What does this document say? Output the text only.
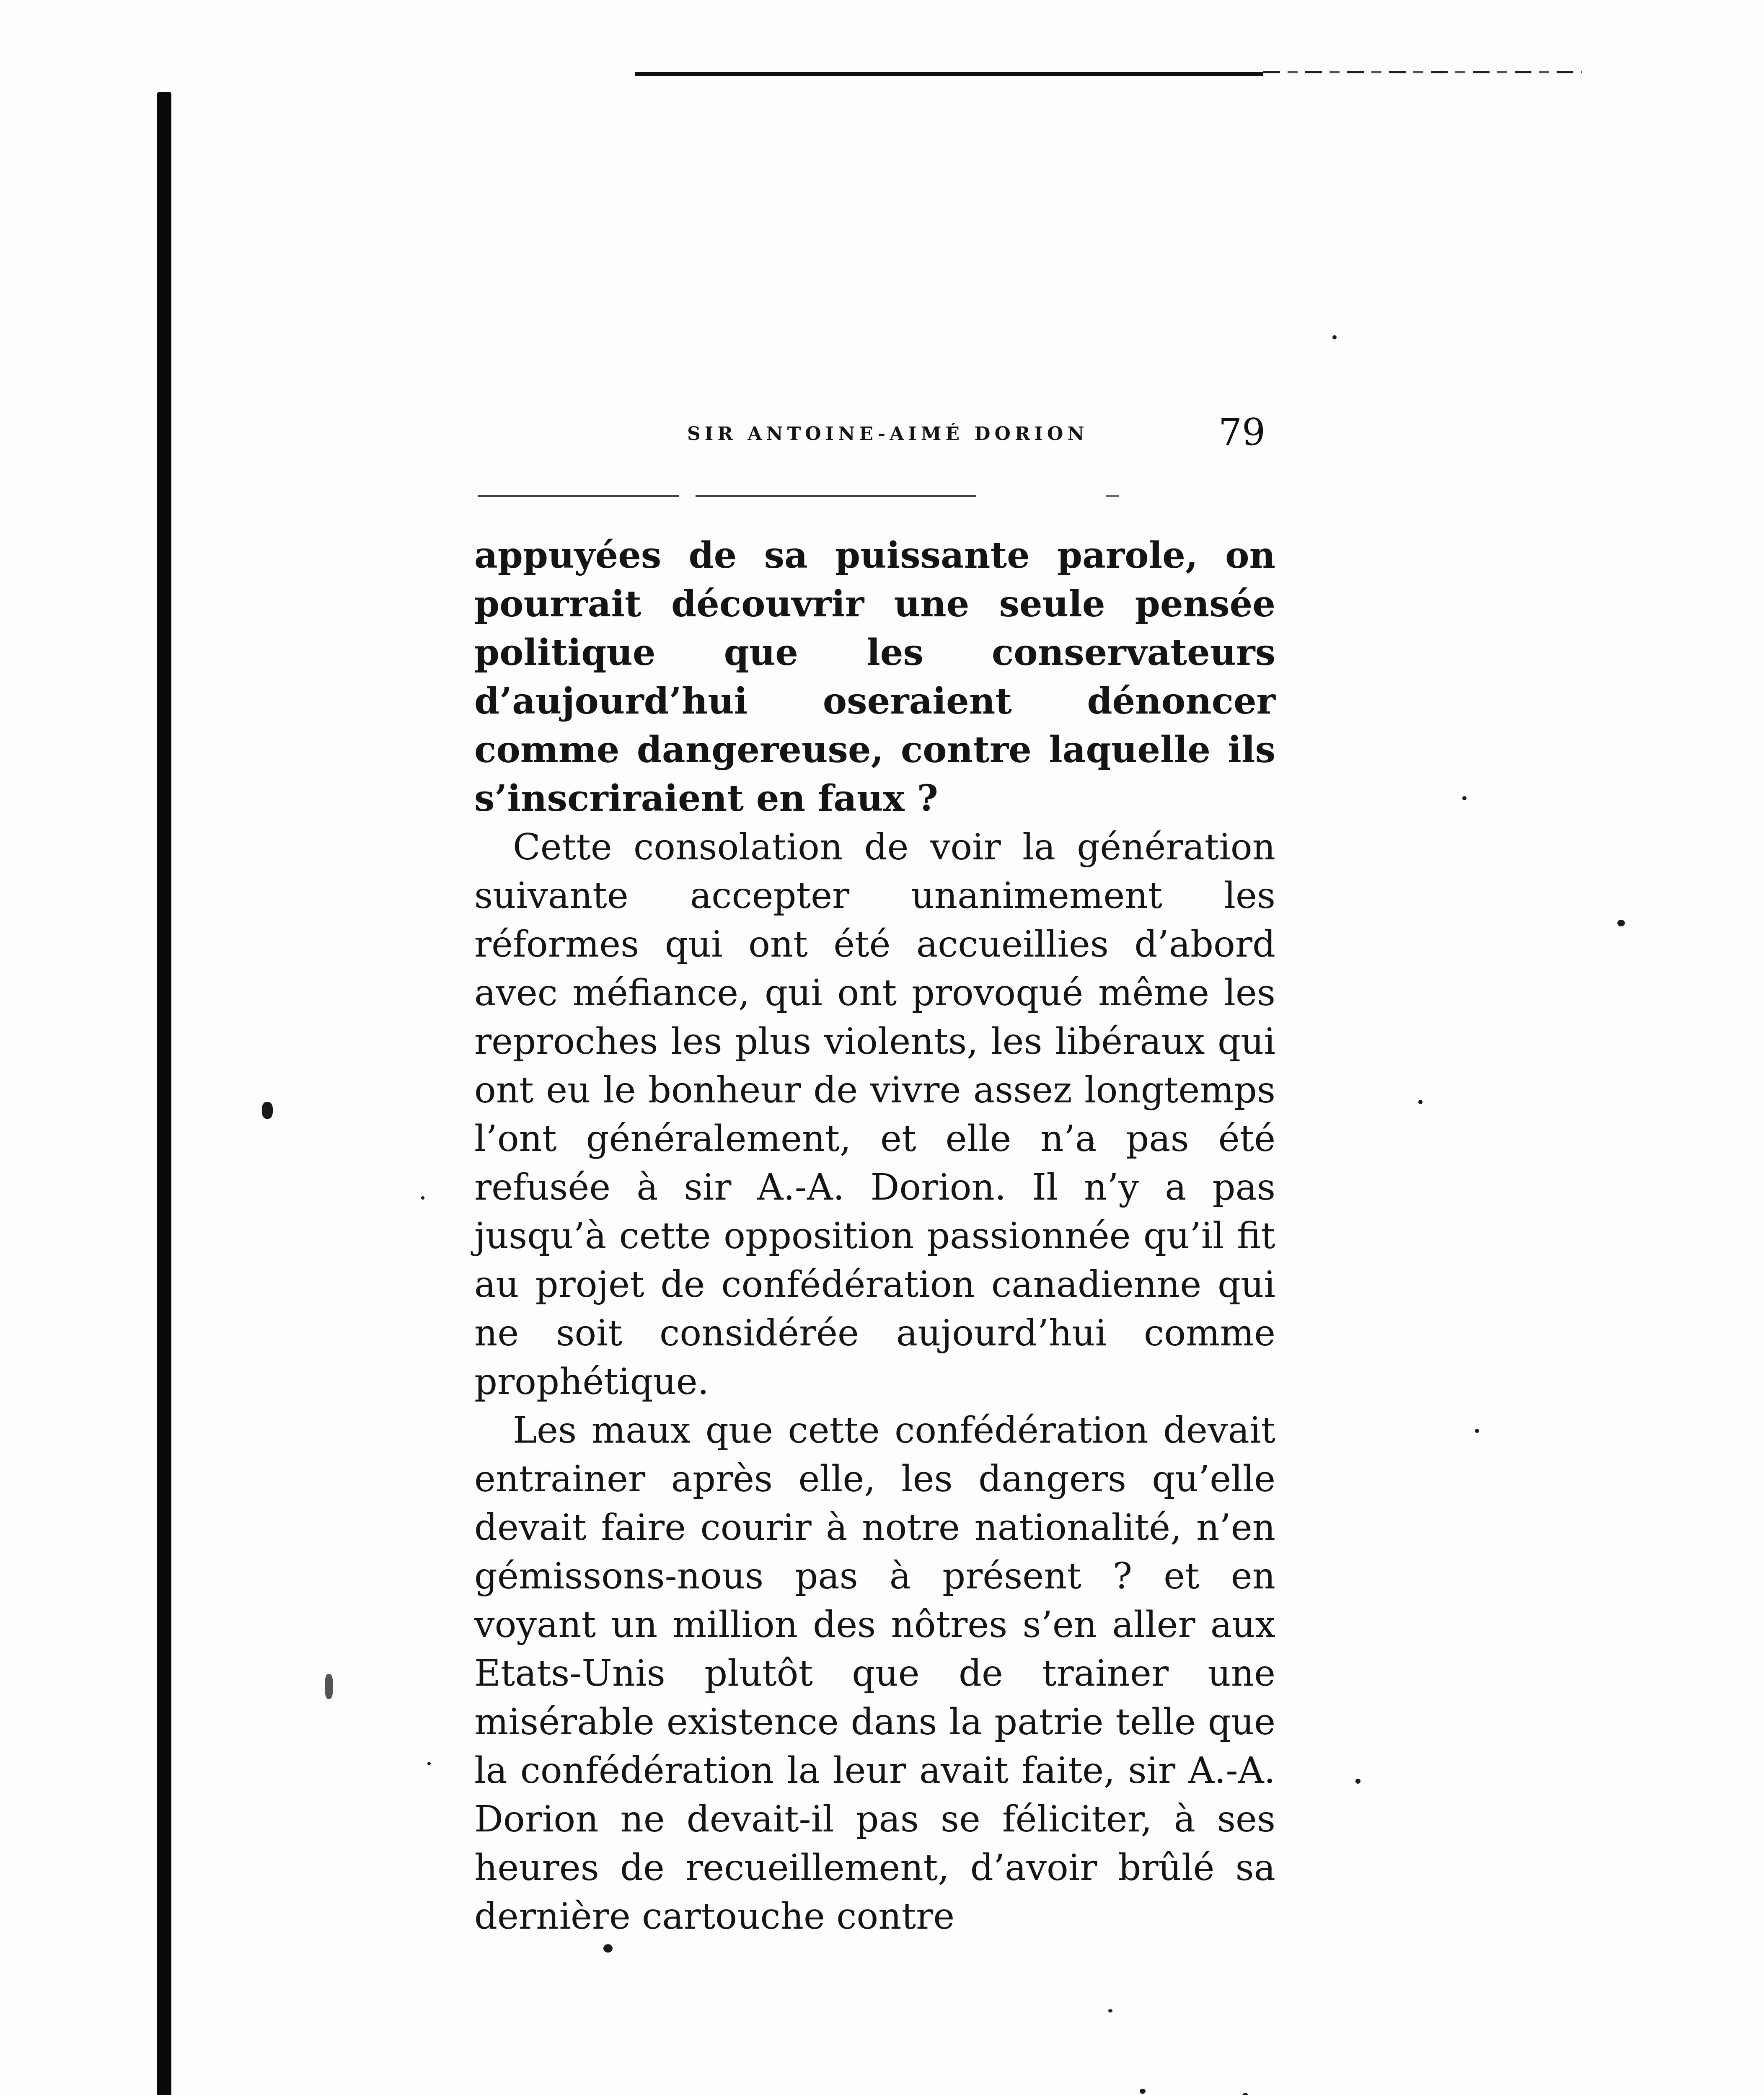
SIR ANTOINE-AIMÉ DORION	79

appuyées de sa puissante parole, on pourrait découvrir une seule pensée politique que les conservateurs d’aujourd’hui oseraient dénoncer comme dangereuse, contre laquelle ils s’inscriraient en faux ?

Cette consolation de voir la génération suivante accepter unanimement les réformes qui ont été accueillies d’abord avec méfiance, qui ont provoqué même les reproches les plus violents, les libéraux qui ont eu le bonheur de vivre assez longtemps l’ont généralement, et elle n’a pas été refusée à sir A.-A. Dorion. Il n’y a pas jusqu’à cette opposition passionnée qu’il fit au projet de confédération canadienne qui ne soit considérée aujourd’hui comme prophétique.

Les maux que cette confédération devait entrainer après elle, les dangers qu’elle devait faire courir à notre nationalité, n’en gémissons-nous pas à présent ? et en voyant un million des nôtres s’en aller aux Etats-Unis plutôt que de trainer une misérable existence dans la patrie telle que la confédération la leur avait faite, sir A.-A. Dorion ne devait-il pas se féliciter, à ses heures de recueillement, d’avoir brûlé sa dernière cartouche contre
